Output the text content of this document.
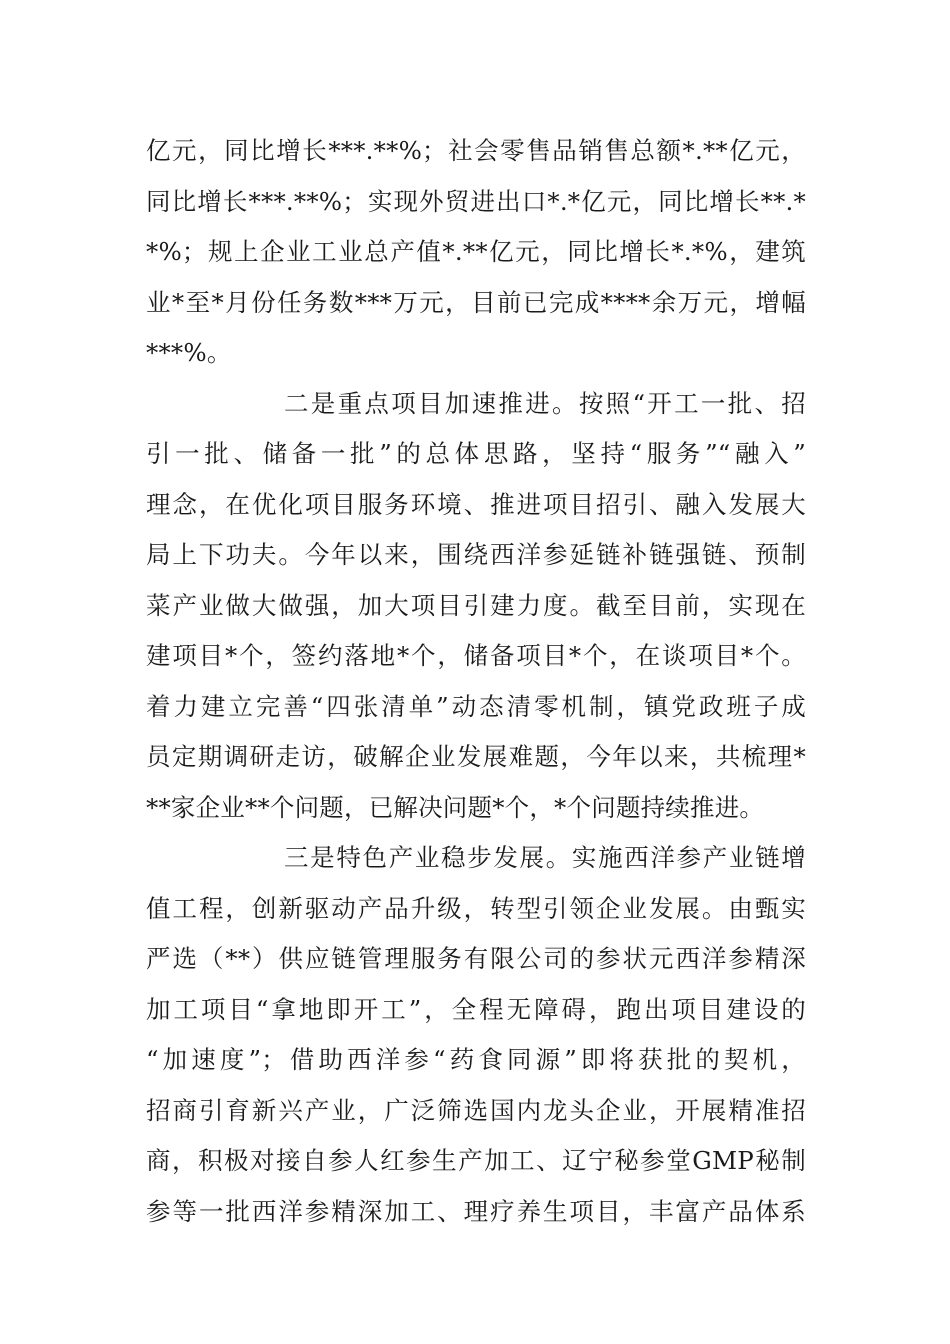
亿元，同比增长***.**%；社会零售品销售总额*.**亿元，
同比增长***.**%；实现外贸进出口*.*亿元，同比增长**.*
*%；规上企业工业总产值*.**亿元，同比增长*.*%，建筑
业*至*月份任务数***万元，目前已完成****余万元，增幅
***%。
二是重点项目加速推进。按照“开工一批、招
引一批、储备一批”的总体思路，坚持“服务”“融入”
理念，在优化项目服务环境、推进项目招引、融入发展大
局上下功夫。今年以来，围绕西洋参延链补链强链、预制
菜产业做大做强，加大项目引建力度。截至目前，实现在
建项目*个，签约落地*个，储备项目*个，在谈项目*个。
着力建立完善“四张清单”动态清零机制，镇党政班子成
员定期调研走访，破解企业发展难题，今年以来，共梳理*
**家企业**个问题，已解决问题*个，*个问题持续推进。
三是特色产业稳步发展。实施西洋参产业链增
值工程，创新驱动产品升级，转型引领企业发展。由甄实
严选（**）供应链管理服务有限公司的参状元西洋参精深
加工项目“拿地即开工”，全程无障碍，跑出项目建设的
“加速度”；借助西洋参“药食同源”即将获批的契机，
招商引育新兴产业，广泛筛选国内龙头企业，开展精准招
商，积极对接自参人红参生产加工、辽宁秘参堂GMP秘制
参等一批西洋参精深加工、理疗养生项目，丰富产品体系
